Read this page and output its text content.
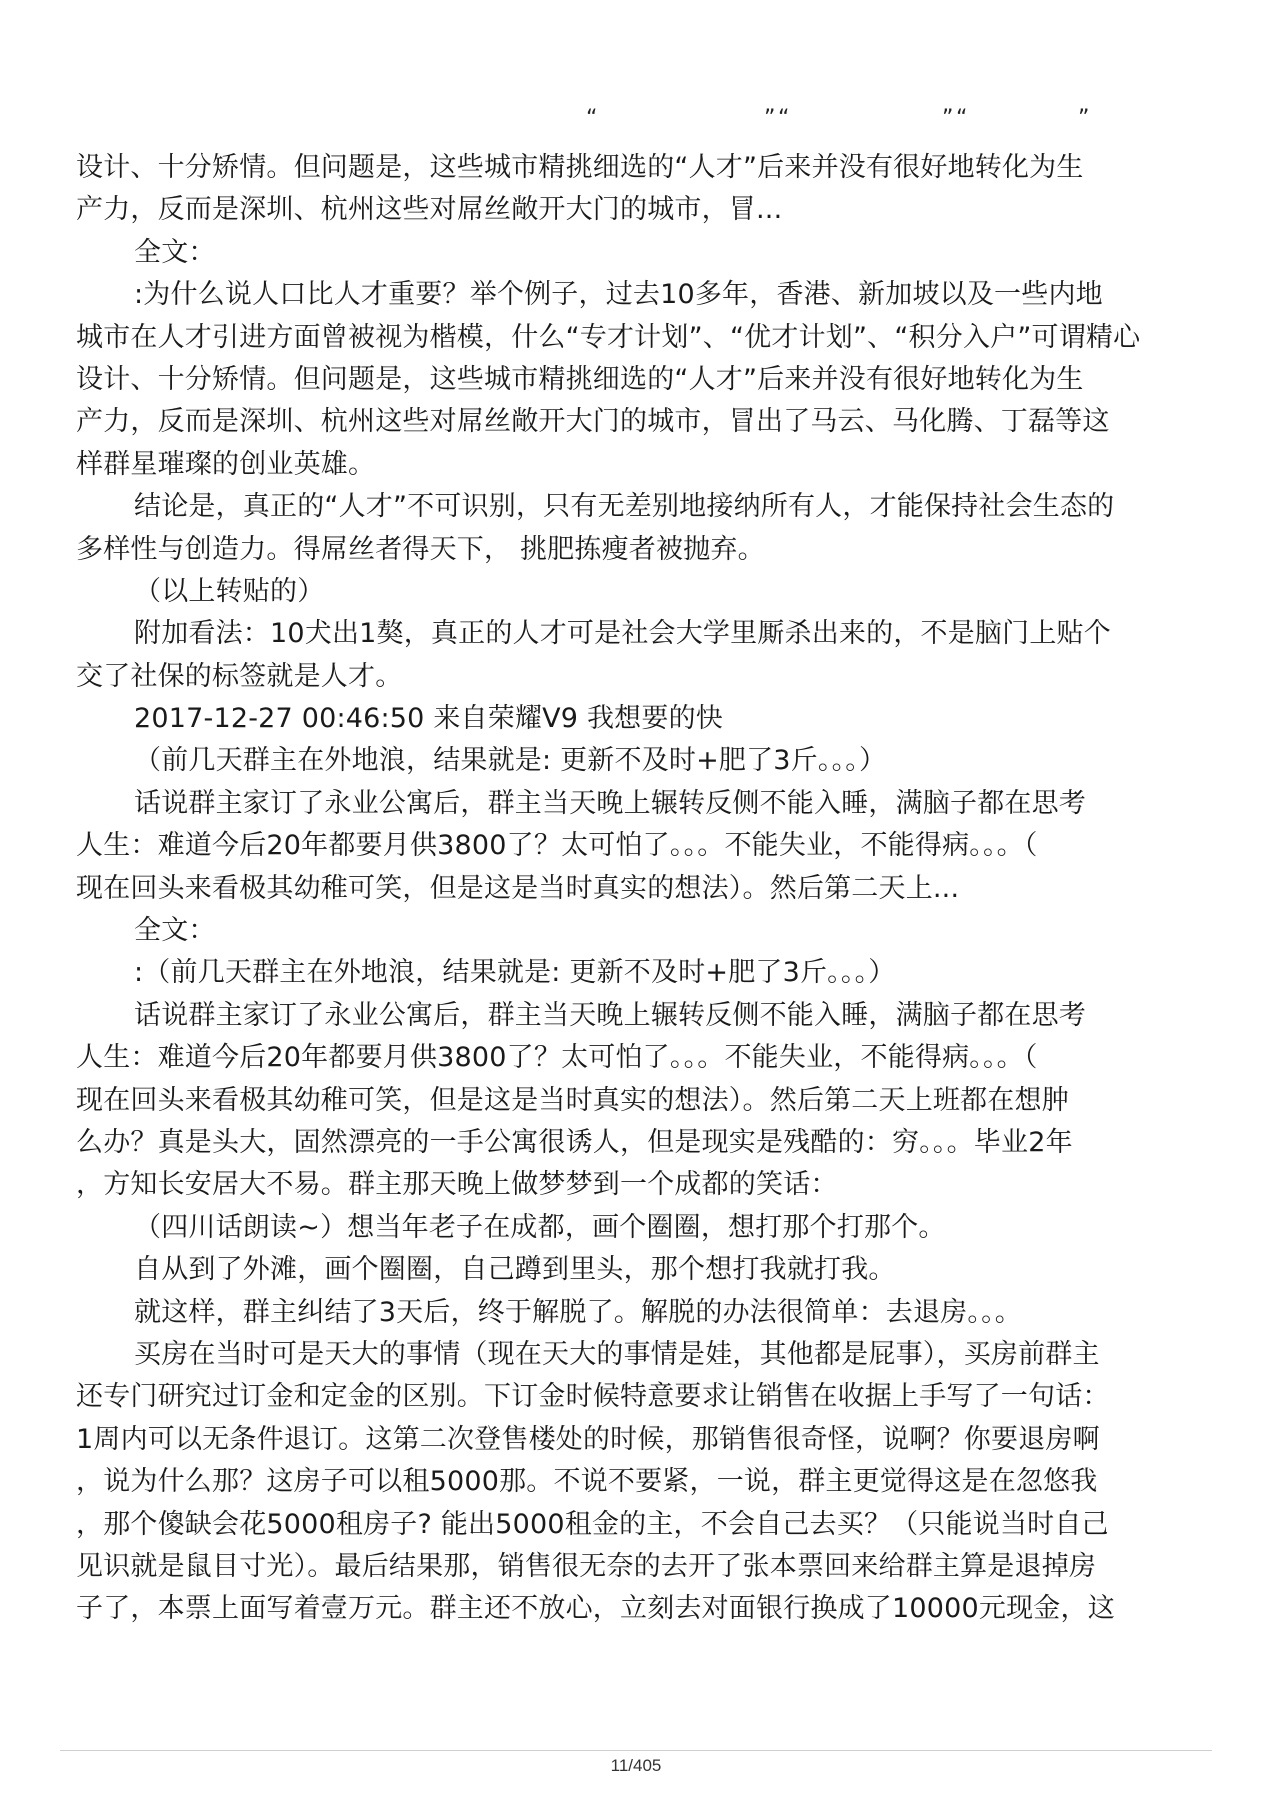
“	” “	” “	”
设计、十分矫情。但问题是，这些城市精挑细选的“人才”后来并没有很好地转化为生
产力，反而是深圳、杭州这些对屌丝敞开大门的城市，冒...
全文：
:为什么说人口比人才重要？举个例子，过去10多年，香港、新加坡以及一些内地
城市在人才引进方面曾被视为楷模，什么“专才计划”、“优才计划”、“积分入户”可谓精心
设计、十分矫情。但问题是，这些城市精挑细选的“人才”后来并没有很好地转化为生
产力，反而是深圳、杭州这些对屌丝敞开大门的城市，冒出了马云、马化腾、丁磊等这
样群星璀璨的创业英雄。
结论是，真正的“人才”不可识别，只有无差别地接纳所有人，才能保持社会生态的
多样性与创造力。得屌丝者得天下， 挑肥拣瘦者被抛弃。
（以上转贴的）
附加看法：10犬出1獒，真正的人才可是社会大学里厮杀出来的，不是脑门上贴个
交了社保的标签就是人才。
2017-12-27 00:46:50 来自荣耀V9 我想要的快
（前几天群主在外地浪，结果就是: 更新不及时+肥了3斤。。。）
话说群主家订了永业公寓后，群主当天晚上辗转反侧不能入睡，满脑子都在思考
人生：难道今后20年都要月供3800了？太可怕了。。。不能失业，不能得病。。。（
现在回头来看极其幼稚可笑，但是这是当时真实的想法）。然后第二天上...
全文：
:（前几天群主在外地浪，结果就是: 更新不及时+肥了3斤。。。）
话说群主家订了永业公寓后，群主当天晚上辗转反侧不能入睡，满脑子都在思考
人生：难道今后20年都要月供3800了？太可怕了。。。不能失业，不能得病。。。（
现在回头来看极其幼稚可笑，但是这是当时真实的想法）。然后第二天上班都在想肿
么办？真是头大，固然漂亮的一手公寓很诱人，但是现实是残酷的：穷。。。毕业2年
，方知长安居大不易。群主那天晚上做梦梦到一个成都的笑话：
（四川话朗读~）想当年老子在成都，画个圈圈，想打那个打那个。
自从到了外滩，画个圈圈，自己蹲到里头，那个想打我就打我。
就这样，群主纠结了3天后，终于解脱了。解脱的办法很简单：去退房。。。
买房在当时可是天大的事情（现在天大的事情是娃，其他都是屁事），买房前群主
还专门研究过订金和定金的区别。下订金时候特意要求让销售在收据上手写了一句话：
1周内可以无条件退订。这第二次登售楼处的时候，那销售很奇怪，说啊？你要退房啊
，说为什么那？这房子可以租5000那。不说不要紧，一说，群主更觉得这是在忽悠我
，那个傻缺会花5000租房子? 能出5000租金的主，不会自己去买？（只能说当时自己
见识就是鼠目寸光）。最后结果那，销售很无奈的去开了张本票回来给群主算是退掉房
子了，本票上面写着壹万元。群主还不放心，立刻去对面银行换成了10000元现金，这
11/405
